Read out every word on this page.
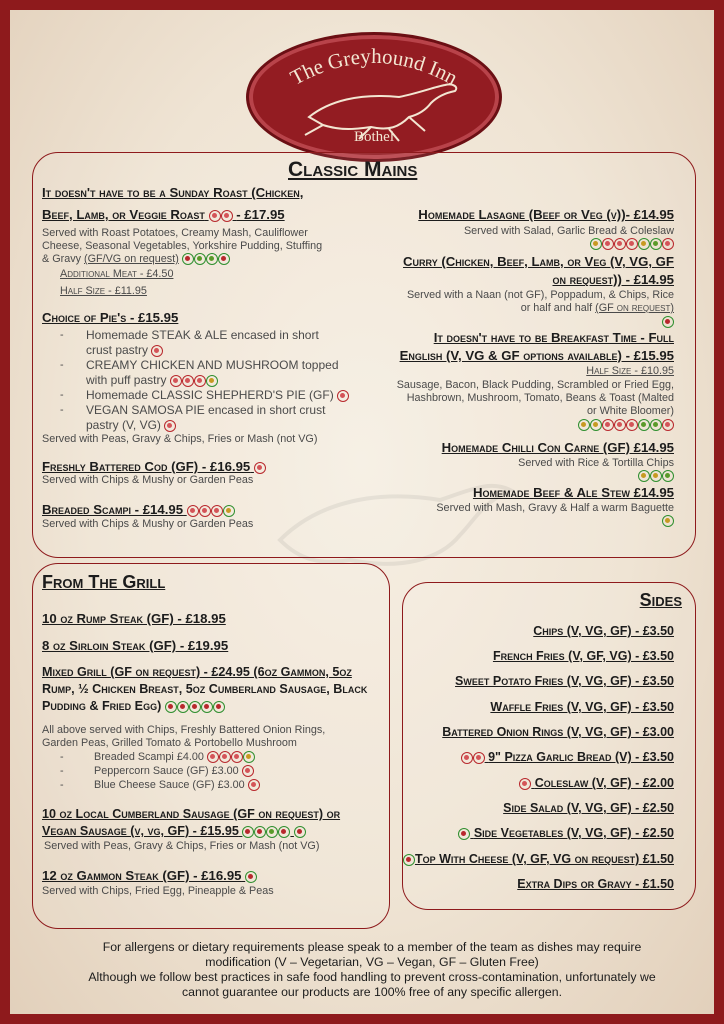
The Greyhound Inn
Bothel
Classic Mains
It doesn't have to be a Sunday Roast (Chicken,
Beef, Lamb, or Veggie Roast
- £17.95
Served with Roast Potatoes, Creamy Mash, Cauliflower
Cheese, Seasonal Vegetables, Yorkshire Pudding, Stuffing
& Gravy (GF/VG on request)
Additional Meat - £4.50
Half Size - £11.95
Choice of Pie's - £15.95
- Homemade STEAK & ALE encased in short
crust pastry
- CREAMY CHICKEN AND MUSHROOM topped
with puff pastry
- Homemade CLASSIC SHEPHERD'S PIE (GF)
- VEGAN SAMOSA PIE encased in short crust
pastry (V, VG)
Served with Peas, Gravy & Chips, Fries or Mash (not VG)
Freshly Battered Cod (GF) - £16.95
Served with Chips & Mushy or Garden Peas
Breaded Scampi - £14.95
Served with Chips & Mushy or Garden Peas
Homemade Lasagne (Beef or Veg (v))- £14.95
Served with Salad, Garlic Bread & Coleslaw
Curry (Chicken, Beef, Lamb, or Veg (V, VG, GF
on request)) - £14.95
Served with a Naan (not GF), Poppadum, & Chips, Rice
or half and half (GF on request)
It doesn't have to be Breakfast Time - Full
English (V, VG & GF options available) - £15.95
Half Size - £10.95
Sausage, Bacon, Black Pudding, Scrambled or Fried Egg,
Hashbrown, Mushroom, Tomato, Beans & Toast (Malted
or White Bloomer)
Homemade Chilli Con Carne (GF) £14.95
Served with Rice & Tortilla Chips
Homemade Beef & Ale Stew £14.95
Served with Mash, Gravy & Half a warm Baguette
From The Grill
10 oz Rump Steak (GF) - £18.95
8 oz Sirloin Steak (GF) - £19.95
Mixed Grill (GF on request) - £24.95 (6oz Gammon, 5oz
Rump, ½ Chicken Breast, 5oz Cumberland Sausage, Black
Pudding & Fried Egg)
All above served with Chips, Freshly Battered Onion Rings,
Garden Peas, Grilled Tomato & Portobello Mushroom
-	Breaded Scampi £4.00
-	Peppercorn Sauce (GF) £3.00
-	Blue Cheese Sauce (GF) £3.00
10 oz Local Cumberland Sausage (GF on request) or
Vegan Sausage (v, vg, GF) - £15.95

Served with Peas, Gravy & Chips, Fries or Mash (not VG)
12 oz Gammon Steak (GF) - £16.95
Served with Chips, Fried Egg, Pineapple & Peas
Sides
Chips (V, VG, GF) - £3.50
French Fries (V, GF, VG) - £3.50
Sweet Potato Fries (V, VG, GF) - £3.50
Waffle Fries (V, VG, GF) - £3.50
Battered Onion Rings (V, VG, GF) - £3.00
9" Pizza Garlic Bread (V) - £3.50
Coleslaw (V, GF) - £2.00
Side Salad (V, VG, GF) - £2.50
Side Vegetables (V, VG, GF) - £2.50
Top With Cheese (V, GF, VG on request) £1.50
Extra Dips or Gravy - £1.50
For allergens or dietary requirements please speak to a member of the team as dishes may require
modification (V – Vegetarian, VG – Vegan, GF – Gluten Free)
Although we follow best practices in safe food handling to prevent cross-contamination, unfortunately we
cannot guarantee our products are 100% free of any specific allergen.
